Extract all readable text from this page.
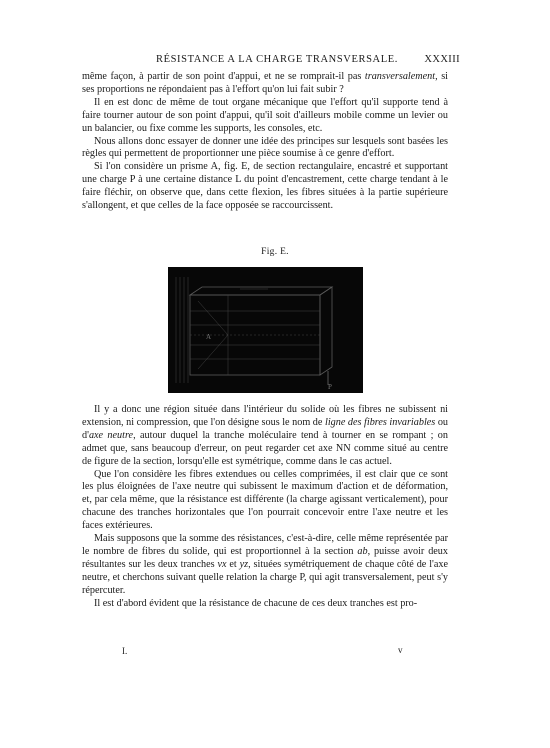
RÉSISTANCE A LA CHARGE TRANSVERSALE.	XXXIII

même façon, à partir de son point d'appui, et ne se romprait-il pas transversalement, si ses proportions ne répondaient pas à l'effort qu'on lui fait subir ?

Il en est donc de même de tout organe mécanique que l'effort qu'il supporte tend à faire tourner autour de son point d'appui, qu'il soit d'ailleurs mobile comme un levier ou un balancier, ou fixe comme les supports, les consoles, etc.

Nous allons donc essayer de donner une idée des principes sur lesquels sont basées les règles qui permettent de proportionner une pièce soumise à ce genre d'effort.

Si l'on considère un prisme A, fig. E, de section rectangulaire, encastré et supportant une charge P à une certaine distance L du point d'encastrement, cette charge tendant à le faire fléchir, on observe que, dans cette flexion, les fibres situées à la partie supérieure s'allongent, et que celles de la face opposée se raccourcissent.

Fig. E.
A
P

Il y a donc une région située dans l'intérieur du solide où les fibres ne subissent ni extension, ni compression, que l'on désigne sous le nom de ligne des fibres invariables ou d'axe neutre, autour duquel la tranche moléculaire tend à tourner en se rompant ; on admet que, sans beaucoup d'erreur, on peut regarder cet axe NN comme situé au centre de figure de la section, lorsqu'elle est symétrique, comme dans le cas actuel.

Que l'on considère les fibres extendues ou celles comprimées, il est clair que ce sont les plus éloignées de l'axe neutre qui subissent le maximum d'action et de déformation, et, par cela même, que la résistance est différente (la charge agissant verticalement), pour chacune des tranches horizontales que l'on pourrait concevoir entre l'axe neutre et les faces extérieures.

Mais supposons que la somme des résistances, c'est-à-dire, celle même représentée par le nombre de fibres du solide, qui est proportionnel à la section ab, puisse avoir deux résultantes sur les deux tranches vx et yz, situées symétriquement de chaque côté de l'axe neutre, et cherchons suivant quelle relation la charge P, qui agit transversalement, peut s'y répercuter.

Il est d'abord évident que la résistance de chacune de ces deux tranches est pro-

I.	v
